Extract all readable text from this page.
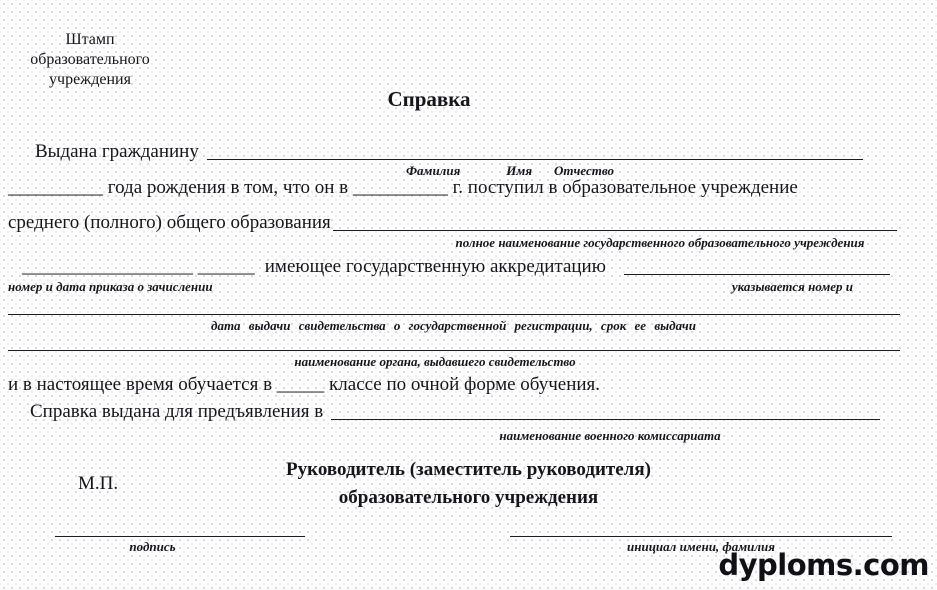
Штамп
образовательного
учреждения
Справка
Выдана гражданину
Фамилия	Имя Отчество
__________ года рождения в том, что он в __________ г. поступил в образовательное учреждение
среднего (полного) общего образования
полное наименование государственного образовательного учреждения
__________________ ______ имеющее государственную аккредитацию
номер и дата приказа о зачислении	указывается номер и
дата выдачи свидетельства о государственной регистрации, срок ее выдачи
наименование органа, выдавшего свидетельство
и в настоящее время обучается в _____ классе по очной форме обучения.
Справка выдана для предъявления в
наименование военного комиссариата
Руководитель (заместитель руководителя)
образовательного учреждения
М.П.
подпись	инициал имени, фамилия
dyploms.com
